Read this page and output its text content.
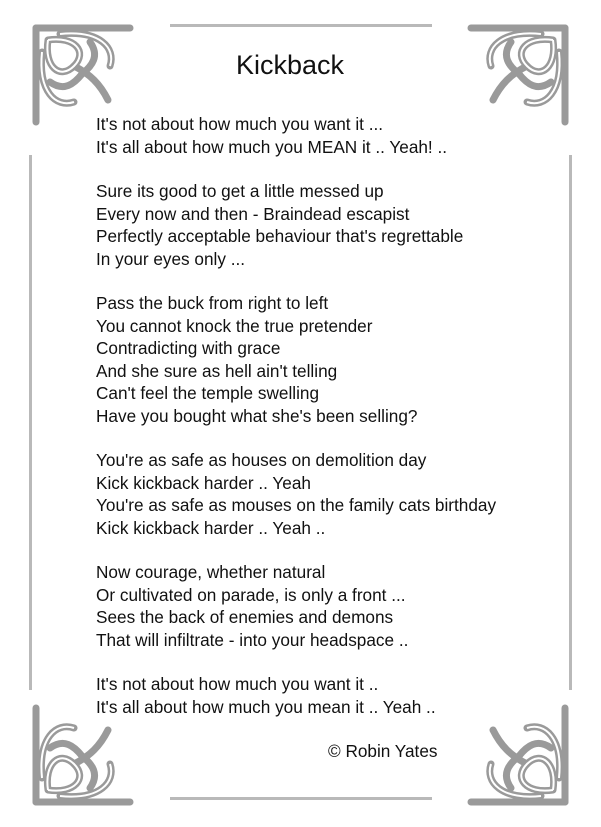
Kickback
It's not about how much you want it ...
It's all about how much you MEAN it .. Yeah! ..
Sure its good to get a little messed up
Every now and then - Braindead escapist
Perfectly acceptable behaviour that's regrettable
In your eyes only ...
Pass the buck from right to left
You cannot knock the true pretender
Contradicting with grace
And she sure as hell ain't telling
Can't feel the temple swelling
Have you bought what she's been selling?
You're as safe as houses on demolition day
Kick kickback harder .. Yeah
You're as safe as mouses on the family cats birthday
Kick kickback harder .. Yeah ..
Now courage, whether natural
Or cultivated on parade, is only a front ...
Sees the back of enemies and demons
That will infiltrate - into your headspace ..
It's not about how much you want it ..
It's all about how much you mean it .. Yeah ..
© Robin Yates
